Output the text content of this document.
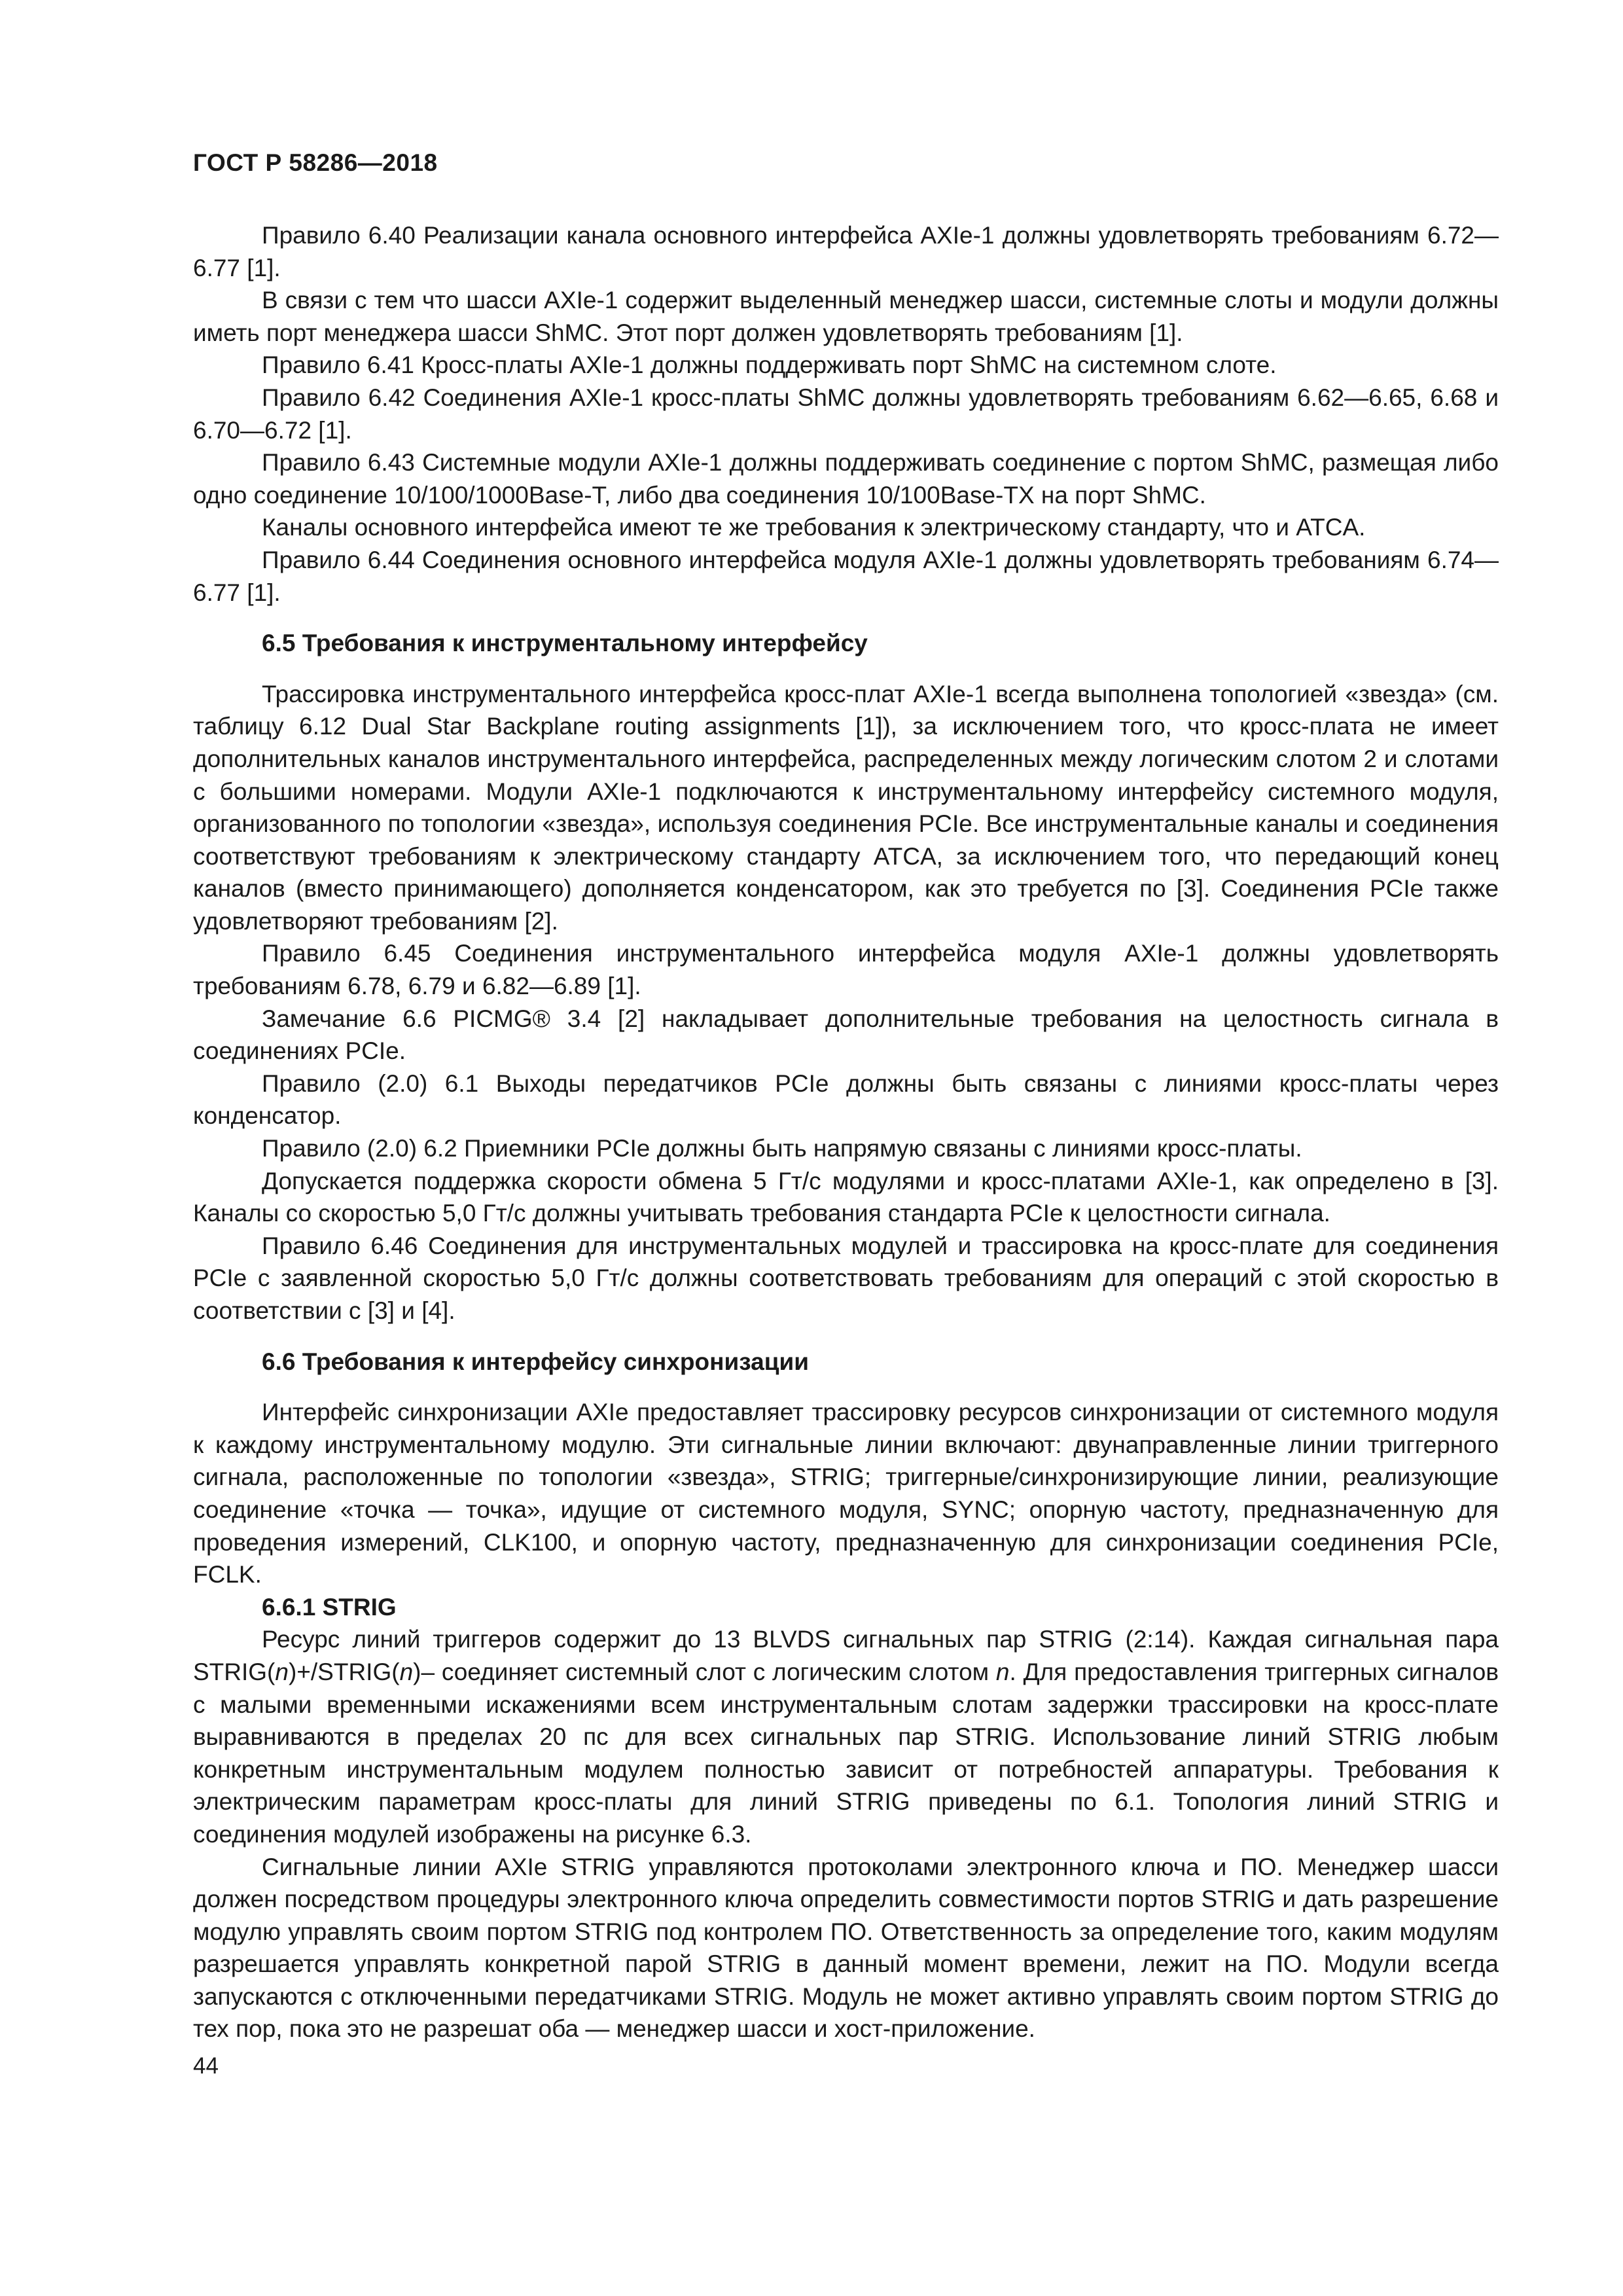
ГОСТ Р 58286—2018

Правило 6.40 Реализации канала основного интерфейса AXIe-1 должны удовлетворять требованиям 6.72—6.77 [1].

В связи с тем что шасси AXIe-1 содержит выделенный менеджер шасси, системные слоты и модули должны иметь порт менеджера шасси ShMC. Этот порт должен удовлетворять требованиям [1].

Правило 6.41 Кросс-платы AXIe-1 должны поддерживать порт ShMC на системном слоте.

Правило 6.42 Соединения AXIe-1 кросс-платы ShMC должны удовлетворять требованиям 6.62—6.65, 6.68 и 6.70—6.72 [1].

Правило 6.43 Системные модули AXIe-1 должны поддерживать соединение с портом ShMC, размещая либо одно соединение 10/100/1000Base-T, либо два соединения 10/100Base-TX на порт ShMC.

Каналы основного интерфейса имеют те же требования к электрическому стандарту, что и ATCA.

Правило 6.44 Соединения основного интерфейса модуля AXIe-1 должны удовлетворять требованиям 6.74—6.77 [1].

6.5 Требования к инструментальному интерфейсу

Трассировка инструментального интерфейса кросс-плат AXIe-1 всегда выполнена топологией «звезда» (см. таблицу 6.12 Dual Star Backplane routing assignments [1]), за исключением того, что кросс-плата не имеет дополнительных каналов инструментального интерфейса, распределенных между логическим слотом 2 и слотами с большими номерами. Модули AXIe-1 подключаются к инструментальному интерфейсу системного модуля, организованного по топологии «звезда», используя соединения PCIe. Все инструментальные каналы и соединения соответствуют требованиям к электрическому стандарту ATCA, за исключением того, что передающий конец каналов (вместо принимающего) дополняется конденсатором, как это требуется по [3]. Соединения PCIe также удовлетворяют требованиям [2].

Правило 6.45 Соединения инструментального интерфейса модуля AXIe-1 должны удовлетворять требованиям 6.78, 6.79 и 6.82—6.89 [1].

Замечание 6.6 PICMG® 3.4 [2] накладывает дополнительные требования на целостность сигнала в соединениях PCIe.

Правило (2.0) 6.1 Выходы передатчиков PCIe должны быть связаны с линиями кросс-платы через конденсатор.

Правило (2.0) 6.2 Приемники PCIe должны быть напрямую связаны с линиями кросс-платы.

Допускается поддержка скорости обмена 5 Гт/с модулями и кросс-платами AXIe-1, как определено в [3]. Каналы со скоростью 5,0 Гт/с должны учитывать требования стандарта PCIe к целостности сигнала.

Правило 6.46 Соединения для инструментальных модулей и трассировка на кросс-плате для соединения PCIe с заявленной скоростью 5,0 Гт/с должны соответствовать требованиям для операций с этой скоростью в соответствии с [3] и [4].

6.6 Требования к интерфейсу синхронизации

Интерфейс синхронизации AXIe предоставляет трассировку ресурсов синхронизации от системного модуля к каждому инструментальному модулю. Эти сигнальные линии включают: двунаправленные линии триггерного сигнала, расположенные по топологии «звезда», STRIG; триггерные/синхронизирующие линии, реализующие соединение «точка — точка», идущие от системного модуля, SYNC; опорную частоту, предназначенную для проведения измерений, CLK100, и опорную частоту, предназначенную для синхронизации соединения PCIe, FCLK.

6.6.1 STRIG

Ресурс линий триггеров содержит до 13 BLVDS сигнальных пар STRIG (2:14). Каждая сигнальная пара STRIG(n)+/STRIG(n)– соединяет системный слот с логическим слотом n. Для предоставления триггерных сигналов с малыми временными искажениями всем инструментальным слотам задержки трассировки на кросс-плате выравниваются в пределах 20 пс для всех сигнальных пар STRIG. Использование линий STRIG любым конкретным инструментальным модулем полностью зависит от потребностей аппаратуры. Требования к электрическим параметрам кросс-платы для линий STRIG приведены по 6.1. Топология линий STRIG и соединения модулей изображены на рисунке 6.3.

Сигнальные линии AXIe STRIG управляются протоколами электронного ключа и ПО. Менеджер шасси должен посредством процедуры электронного ключа определить совместимости портов STRIG и дать разрешение модулю управлять своим портом STRIG под контролем ПО. Ответственность за определение того, каким модулям разрешается управлять конкретной парой STRIG в данный момент времени, лежит на ПО. Модули всегда запускаются с отключенными передатчиками STRIG. Модуль не может активно управлять своим портом STRIG до тех пор, пока это не разрешат оба — менеджер шасси и хост-приложение.

44
